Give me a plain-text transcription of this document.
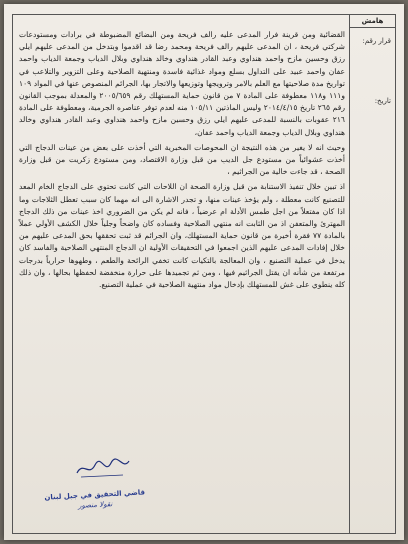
هامش
قرار رقم:
تاريخ:

القضائية ومن قرينة فرار المدعى عليه رالف فريحة ومن البضائع المضبوطة في برادات ومستودعات شركتي فريحة ، ان المدعى عليهم رالف فريحة ومحمد رضا قد اقدموا وبتدخل من المدعى عليهم ايلي رزق وحسين مازح واحمد هنداوي وعبد القادر هنداوي وخالد هنداوي وبلال الدياب وجمعة الدياب واحمد عفان واحمد عبيد على التداول بسلع ومواد غذائية فاسدة ومنتهية الصلاحية وعلى التزوير والتلاعب في تواريخ مدة صلاحيتها مع العلم بالامر وترويجها وتوزيعها والاتجار بها، الجرائم المنصوص عنها في المواد ١٠٩ و١١١ و١١٨ معطوفة على المادة ٧ من قانون حماية المستهلك رقم ٢٠٠٥/٦٥٩ والمعدلة بموجب القانون رقم ٢٦٥ تاريخ ٢٠١٤/٤/١٥ وليس الماذتين ١٠٥/١١ منه لعدم توفر عناصره الجرمية، ومعطوفة على المادة ٢١٦ عقوبات بالنسبة للمدعى عليهم ايلي رزق وحسين مازح واحمد هنداوي وعبد القادر هنداوي وخالد هنداوي وبلال الدياب وجمعة الدياب واحمد عفان،

وحيث انه لا يغير من هذه النتيجة ان المحوصات المخبرية التي أخذت على بعض من عينات الدجاج التي أخذت عشوائياً من مستودع جل الديب من قبل وزارة الاقتصاد، ومن مستودع زكريت من قبل وزارة الصحة ، قد جاءت خالية من الجراثيم ،

اذ تبين خلال تنفيذ الاستنابة من قبل وزارة الصحة ان اللاحات التي كانت تحتوي على الدجاج الخام المعد للتصنيع كانت معطلة ، ولم يؤخذ عينات منها، و تجدر الاشارة الى انه مهما كان سبب تعطل الثلاجات وما اذا كان مفتعلاً من اجل طمس الأدلة ام عرضياً ، فانه لم يكن من الضروري اخذ عينات من ذلك الدجاج المهترئ والمتعفن اذ من الثابت انه منتهي الصلاحية وفساده كان واضحاً وجلياً خلال الكشف الأولي عملاً بالمادة ٧٧ فقرة أخيرة من قانون حماية المستهلك، وان الجرائم قد ثبت تحققها بحق المدعى عليهم من خلال إفادات المدعى عليهم الذين اجمعوا في التحقيقات الأولية ان الدجاج المنتهي الصلاحية والفاسد كان يدخل في عملية التصنيع ، وان المعالجة بالتكيات كانت تخفي الرائحة والطعم ، وطهوها حرارياً بدرجات مرتفعة من شأنه ان يقتل الجراثيم فيها ، ومن ثم تجميدها على حرارة منخفضة لحفظها بحالها ، وان ذلك كله ينطوي على غش للمستهلك بإدخال مواد منتهية الصلاحية في عملية التصنيع.

قاضي التحقيق في جبل لبنان
نقولا منصور
